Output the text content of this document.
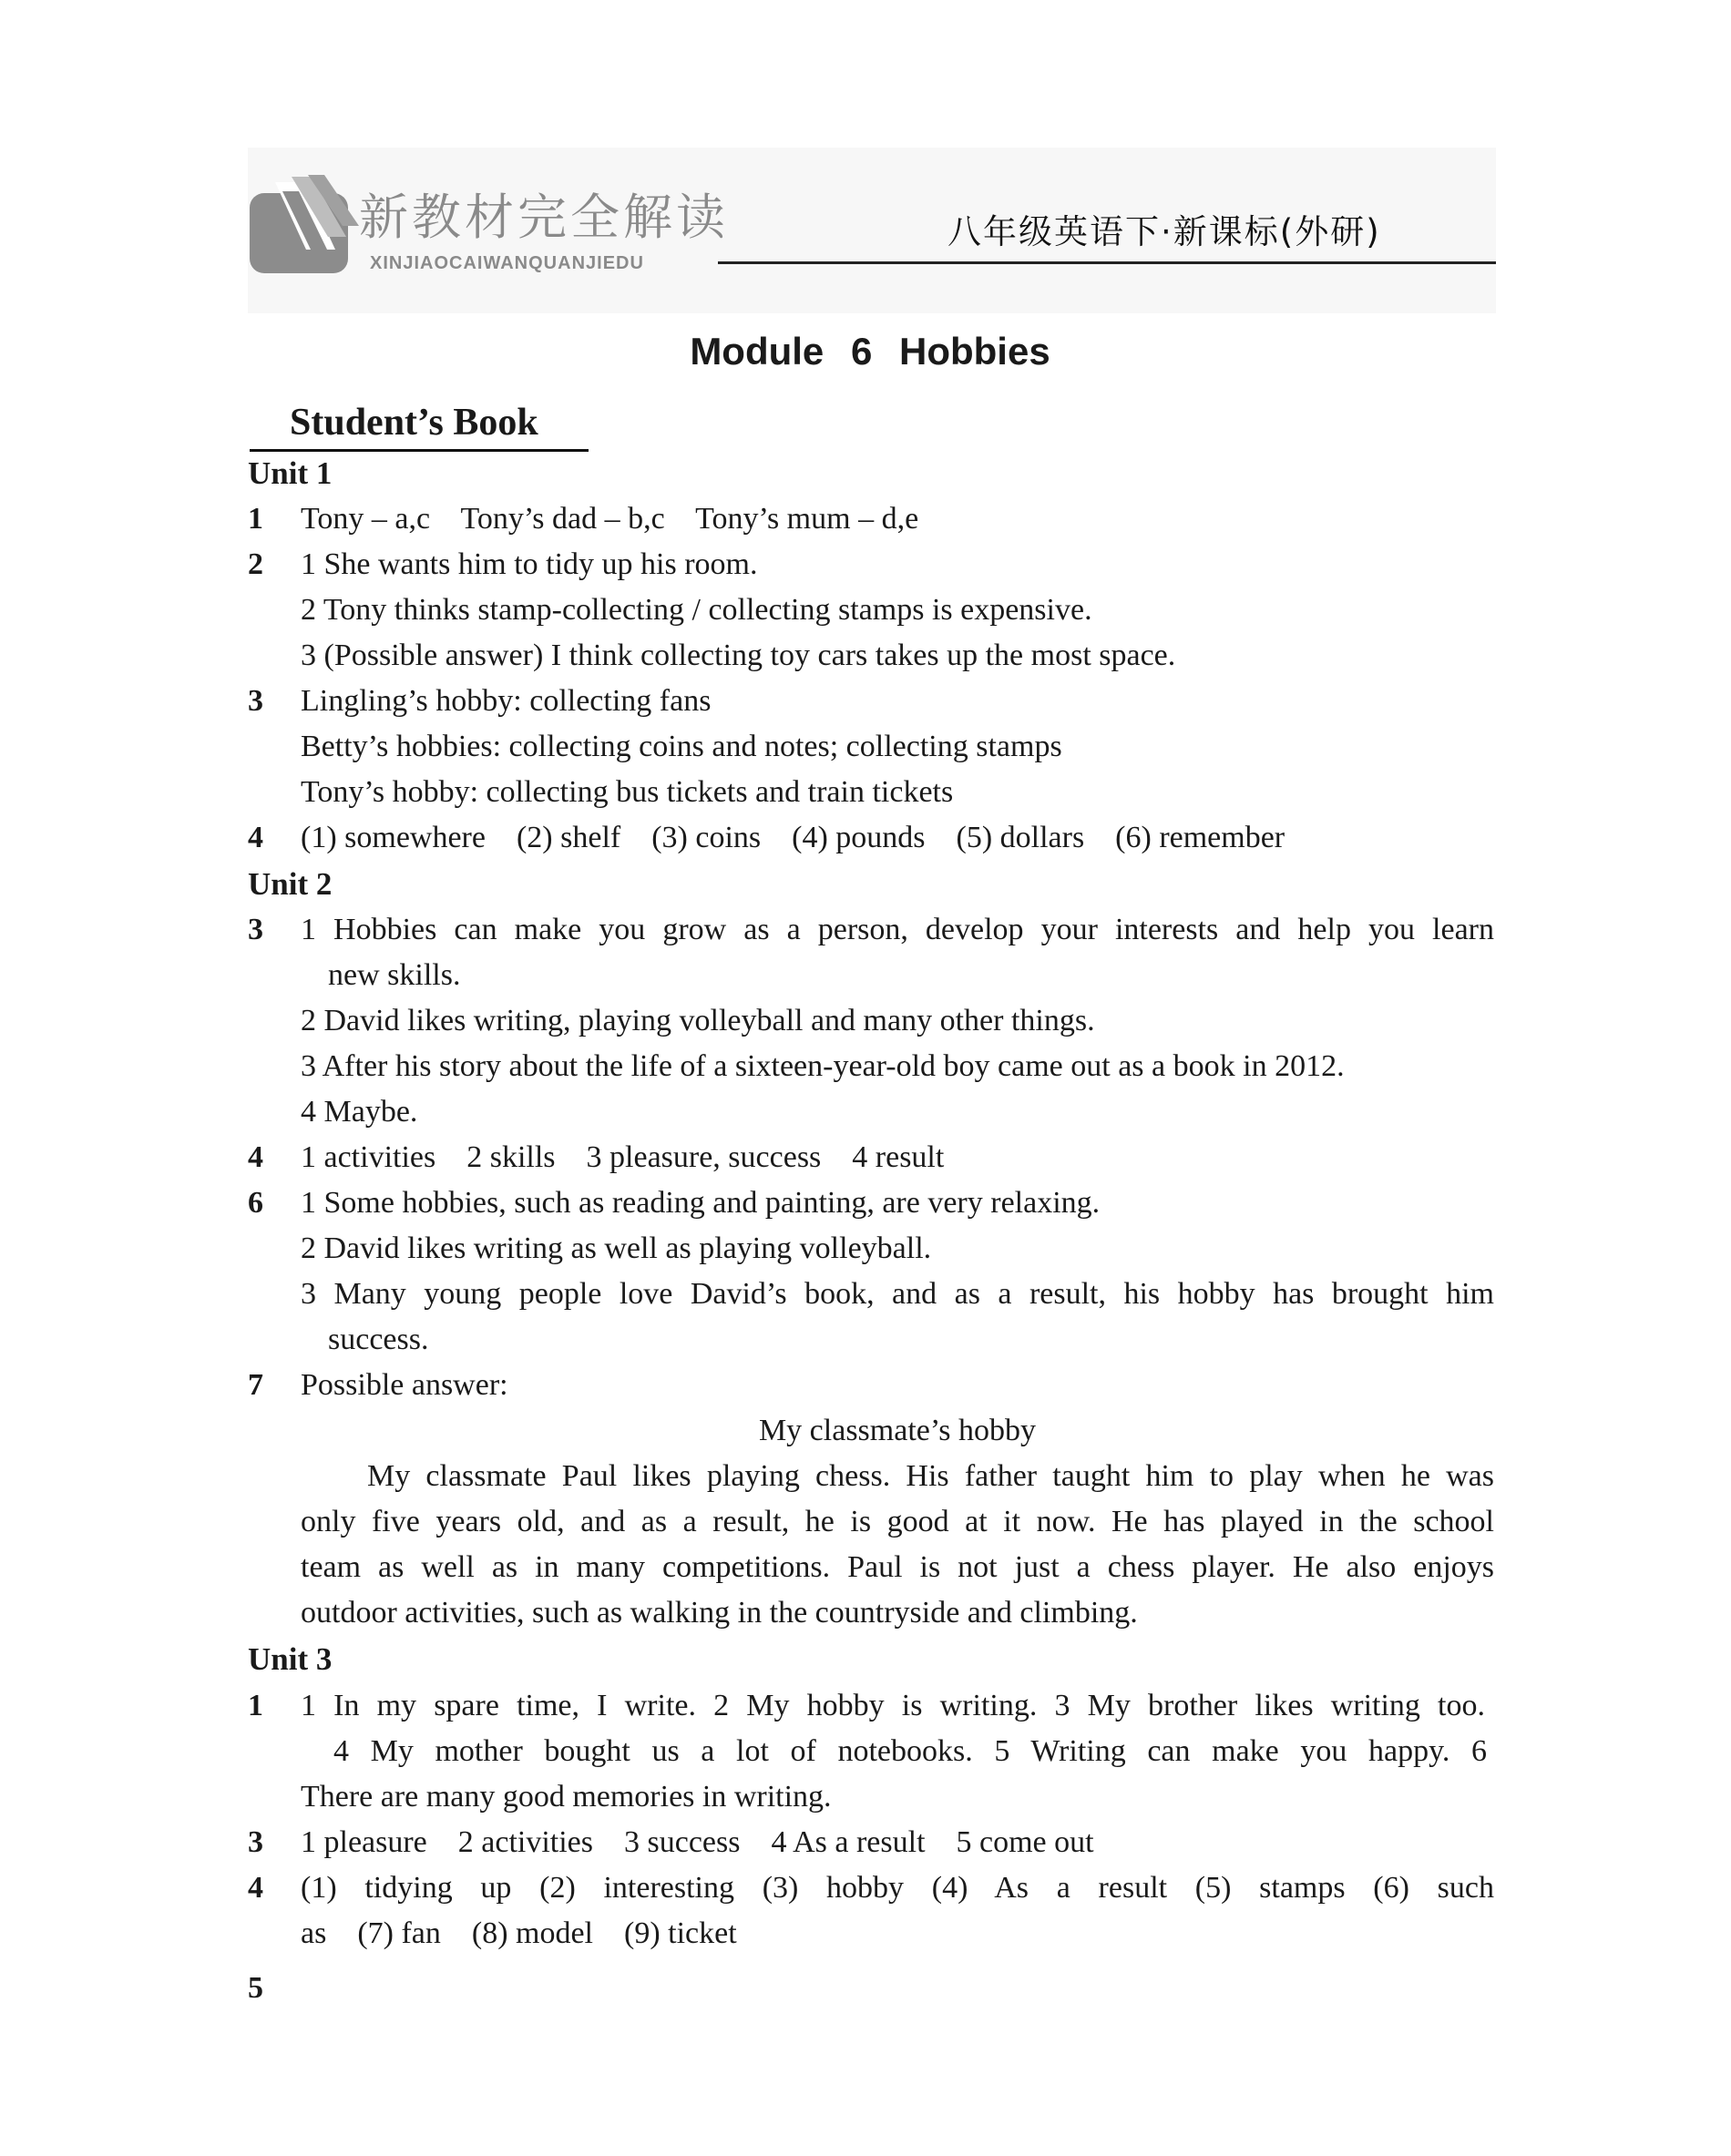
新教材完全解读
XINJIAOCAIWANQUANJIEDU
八年级英语下·新课标(外研)
Module 6 Hobbies
Student’s Book
Unit 1
1 Tony – a,c    Tony’s dad – b,c    Tony’s mum – d,e
2 1 She wants him to tidy up his room.
2 Tony thinks stamp-collecting / collecting stamps is expensive.
3 (Possible answer) I think collecting toy cars takes up the most space.
3 Lingling’s hobby: collecting fans
Betty’s hobbies: collecting coins and notes; collecting stamps
Tony’s hobby: collecting bus tickets and train tickets
4 (1) somewhere    (2) shelf    (3) coins    (4) pounds    (5) dollars    (6) remember
Unit 2
3 1 Hobbies can make you grow as a person, develop your interests and help you learn
new skills.
2 David likes writing, playing volleyball and many other things.
3 After his story about the life of a sixteen-year-old boy came out as a book in 2012.
4 Maybe.
4 1 activities    2 skills    3 pleasure, success    4 result
6 1 Some hobbies, such as reading and painting, are very relaxing.
2 David likes writing as well as playing volleyball.
3 Many young people love David’s book, and as a result, his hobby has brought him
success.
7 Possible answer:
My classmate’s hobby
My classmate Paul likes playing chess. His father taught him to play when he was
only five years old, and as a result, he is good at it now. He has played in the school
team as well as in many competitions. Paul is not just a chess player. He also enjoys
outdoor activities, such as walking in the countryside and climbing.
Unit 3
1 1 In my spare time, I write. 2 My hobby is writing. 3 My brother likes writing too.
4 My mother bought us a lot of notebooks. 5 Writing can make you happy. 6
There are many good memories in writing.
3 1 pleasure    2 activities    3 success    4 As a result    5 come out
4 (1) tidying up (2) interesting (3) hobby (4) As a result (5) stamps (6) such
as    (7) fan    (8) model    (9) ticket
5
